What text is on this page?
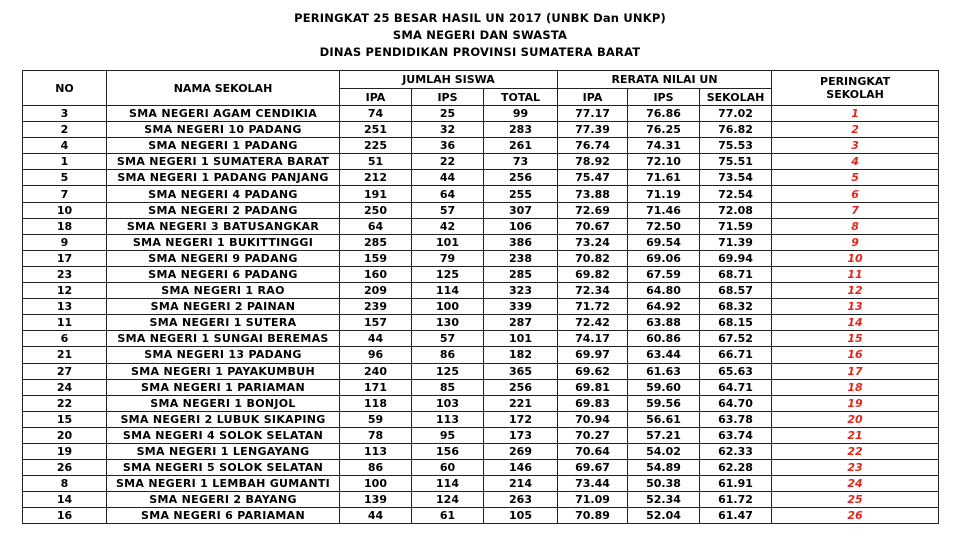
PERINGKAT 25 BESAR HASIL UN 2017 (UNBK Dan UNKP)
SMA NEGERI DAN SWASTA
DINAS PENDIDIKAN PROVINSI SUMATERA BARAT
NO	NAMA SEKOLAH	JUMLAH SISWA			RERATA NILAI UN			PERINGKAT
SEKOLAH

		IPA	IPS	TOTAL	IPA	IPS	SEKOLAH	
3	SMA NEGERI AGAM CENDIKIA	74	25	99	77.17	76.86	77.02	1
2	SMA NEGERI 10 PADANG	251	32	283	77.39	76.25	76.82	2
4	SMA NEGERI 1 PADANG	225	36	261	76.74	74.31	75.53	3
1	SMA NEGERI 1 SUMATERA BARAT	51	22	73	78.92	72.10	75.51	4
5	SMA NEGERI 1 PADANG PANJANG	212	44	256	75.47	71.61	73.54	5
7	SMA NEGERI 4 PADANG	191	64	255	73.88	71.19	72.54	6
10	SMA NEGERI 2 PADANG	250	57	307	72.69	71.46	72.08	7
18	SMA NEGERI 3 BATUSANGKAR	64	42	106	70.67	72.50	71.59	8
9	SMA NEGERI 1 BUKITTINGGI	285	101	386	73.24	69.54	71.39	9
17	SMA NEGERI 9 PADANG	159	79	238	70.82	69.06	69.94	10
23	SMA NEGERI 6 PADANG	160	125	285	69.82	67.59	68.71	11
12	SMA NEGERI 1 RAO	209	114	323	72.34	64.80	68.57	12
13	SMA NEGERI 2 PAINAN	239	100	339	71.72	64.92	68.32	13
11	SMA NEGERI 1 SUTERA	157	130	287	72.42	63.88	68.15	14
6	SMA NEGERI 1 SUNGAI BEREMAS	44	57	101	74.17	60.86	67.52	15
21	SMA NEGERI 13 PADANG	96	86	182	69.97	63.44	66.71	16
27	SMA NEGERI 1 PAYAKUMBUH	240	125	365	69.62	61.63	65.63	17
24	SMA NEGERI 1 PARIAMAN	171	85	256	69.81	59.60	64.71	18
22	SMA NEGERI 1 BONJOL	118	103	221	69.83	59.56	64.70	19
15	SMA NEGERI 2 LUBUK SIKAPING	59	113	172	70.94	56.61	63.78	20
20	SMA NEGERI 4 SOLOK SELATAN	78	95	173	70.27	57.21	63.74	21
19	SMA NEGERI 1 LENGAYANG	113	156	269	70.64	54.02	62.33	22
26	SMA NEGERI 5 SOLOK SELATAN	86	60	146	69.67	54.89	62.28	23
8	SMA NEGERI 1 LEMBAH GUMANTI	100	114	214	73.44	50.38	61.91	24
14	SMA NEGERI 2 BAYANG	139	124	263	71.09	52.34	61.72	25
16	SMA NEGERI 6 PARIAMAN	44	61	105	70.89	52.04	61.47	26
